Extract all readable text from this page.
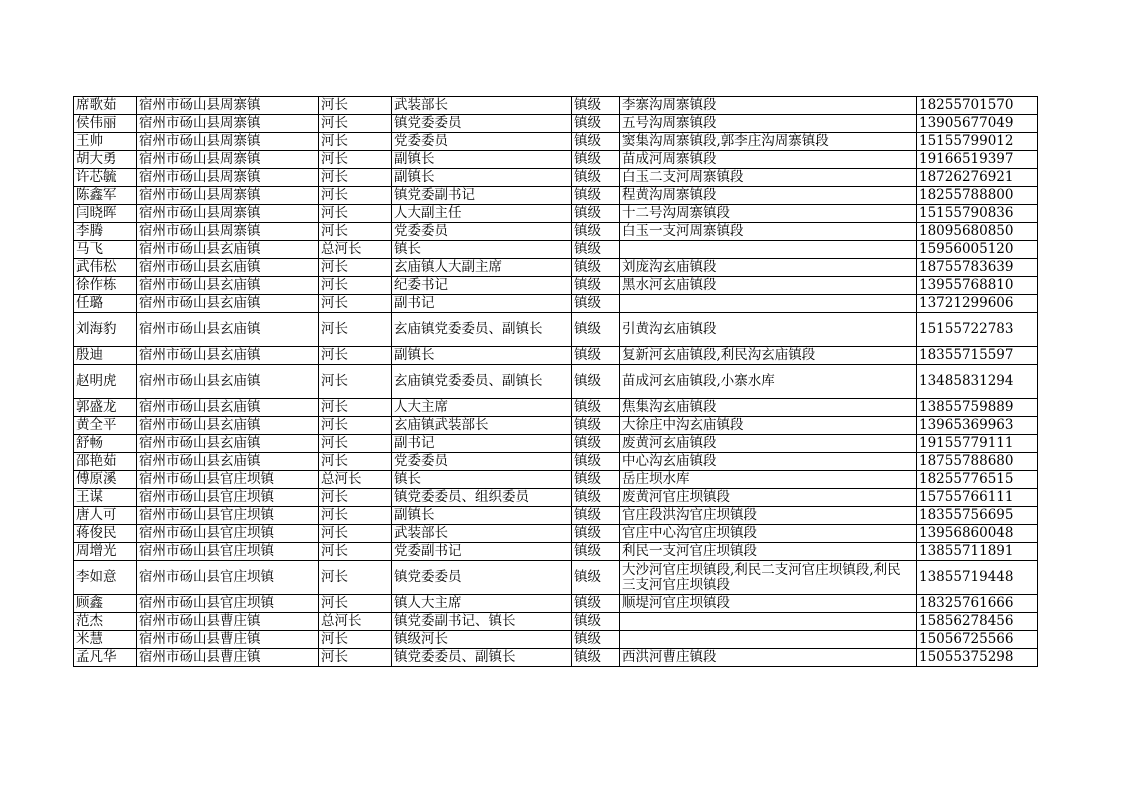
席歌茹	宿州市砀山县周寨镇	河长	武装部长	镇级	李寨沟周寨镇段	18255701570
侯伟丽	宿州市砀山县周寨镇	河长	镇党委委员	镇级	五号沟周寨镇段	13905677049
王帅	宿州市砀山县周寨镇	河长	党委委员	镇级	窦集沟周寨镇段,郭李庄沟周寨镇段	15155799012
胡大勇	宿州市砀山县周寨镇	河长	副镇长	镇级	苗成河周寨镇段	19166519397
许芯毓	宿州市砀山县周寨镇	河长	副镇长	镇级	白玉二支河周寨镇段	18726276921
陈鑫军	宿州市砀山县周寨镇	河长	镇党委副书记	镇级	程黄沟周寨镇段	18255788800
闫晓晖	宿州市砀山县周寨镇	河长	人大副主任	镇级	十二号沟周寨镇段	15155790836
李腾	宿州市砀山县周寨镇	河长	党委委员	镇级	白玉一支河周寨镇段	18095680850
马飞	宿州市砀山县玄庙镇	总河长	镇长	镇级		15956005120
武伟松	宿州市砀山县玄庙镇	河长	玄庙镇人大副主席	镇级	刘庞沟玄庙镇段	18755783639
徐作栋	宿州市砀山县玄庙镇	河长	纪委书记	镇级	黑水河玄庙镇段	13955768810
任璐	宿州市砀山县玄庙镇	河长	副书记	镇级		13721299606
刘海豹	宿州市砀山县玄庙镇	河长	玄庙镇党委委员、副镇长	镇级	引黄沟玄庙镇段	15155722783
殷迪	宿州市砀山县玄庙镇	河长	副镇长	镇级	复新河玄庙镇段,利民沟玄庙镇段	18355715597
赵明虎	宿州市砀山县玄庙镇	河长	玄庙镇党委委员、副镇长	镇级	苗成河玄庙镇段,小寨水库	13485831294
郭盛龙	宿州市砀山县玄庙镇	河长	人大主席	镇级	焦集沟玄庙镇段	13855759889
黄全平	宿州市砀山县玄庙镇	河长	玄庙镇武装部长	镇级	大徐庄中沟玄庙镇段	13965369963
舒畅	宿州市砀山县玄庙镇	河长	副书记	镇级	废黄河玄庙镇段	19155779111
邵艳茹	宿州市砀山县玄庙镇	河长	党委委员	镇级	中心沟玄庙镇段	18755788680
傅原溪	宿州市砀山县官庄坝镇	总河长	镇长	镇级	岳庄坝水库	18255776515
王谋	宿州市砀山县官庄坝镇	河长	镇党委委员、组织委员	镇级	废黄河官庄坝镇段	15755766111
唐人可	宿州市砀山县官庄坝镇	河长	副镇长	镇级	官庄段洪沟官庄坝镇段	18355756695
蒋俊民	宿州市砀山县官庄坝镇	河长	武装部长	镇级	官庄中心沟官庄坝镇段	13956860048
周增光	宿州市砀山县官庄坝镇	河长	党委副书记	镇级	利民一支河官庄坝镇段	13855711891
李如意	宿州市砀山县官庄坝镇	河长	镇党委委员	镇级	大沙河官庄坝镇段,利民二支河官庄坝镇段,利民三支河官庄坝镇段	13855719448
顾鑫	宿州市砀山县官庄坝镇	河长	镇人大主席	镇级	顺堤河官庄坝镇段	18325761666
范杰	宿州市砀山县曹庄镇	总河长	镇党委副书记、镇长	镇级		15856278456
米慧	宿州市砀山县曹庄镇	河长	镇级河长	镇级		15056725566
孟凡华	宿州市砀山县曹庄镇	河长	镇党委委员、副镇长	镇级	西洪河曹庄镇段	15055375298
